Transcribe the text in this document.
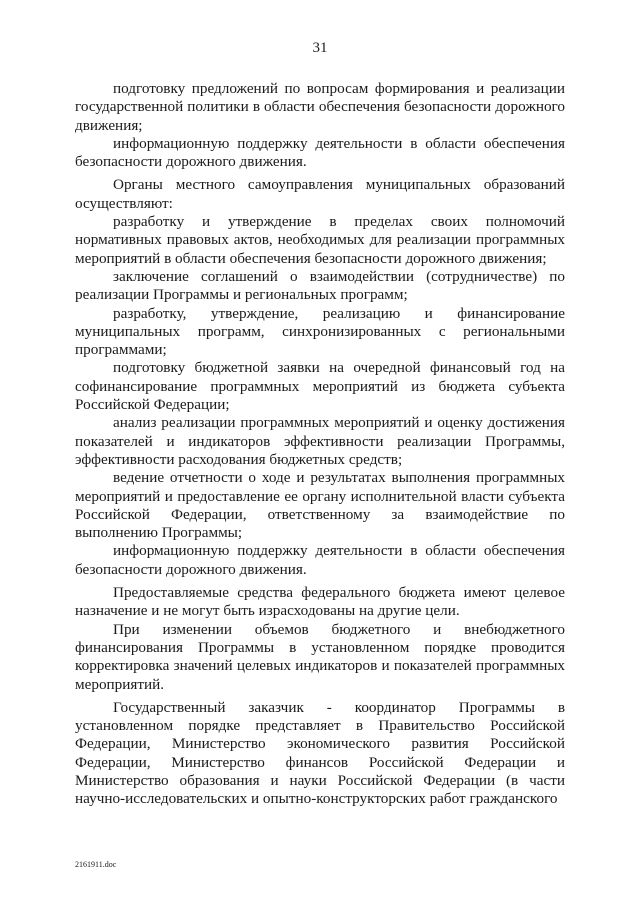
31

подготовку предложений по вопросам формирования и реализации государственной политики в области обеспечения безопасности дорожного движения;

информационную поддержку деятельности в области обеспечения безопасности дорожного движения.

Органы местного самоуправления муниципальных образований осуществляют:

разработку и утверждение в пределах своих полномочий нормативных правовых актов, необходимых для реализации программных мероприятий в области обеспечения безопасности дорожного движения;

заключение соглашений о взаимодействии (сотрудничестве) по реализации Программы и региональных программ;

разработку, утверждение, реализацию и финансирование муниципальных программ, синхронизированных с региональными программами;

подготовку бюджетной заявки на очередной финансовый год на софинансирование программных мероприятий из бюджета субъекта Российской Федерации;

анализ реализации программных мероприятий и оценку достижения показателей и индикаторов эффективности реализации Программы, эффективности расходования бюджетных средств;

ведение отчетности о ходе и результатах выполнения программных мероприятий и предоставление ее органу исполнительной власти субъекта Российской Федерации, ответственному за взаимодействие по выполнению Программы;

информационную поддержку деятельности в области обеспечения безопасности дорожного движения.

Предоставляемые средства федерального бюджета имеют целевое назначение и не могут быть израсходованы на другие цели.

При изменении объемов бюджетного и внебюджетного финансирования Программы в установленном порядке проводится корректировка значений целевых индикаторов и показателей программных мероприятий.

Государственный заказчик - координатор Программы в установленном порядке представляет в Правительство Российской Федерации, Министерство экономического развития Российской Федерации, Министерство финансов Российской Федерации и Министерство образования и науки Российской Федерации (в части научно-исследовательских и опытно-конструкторских работ гражданского

2161911.doc
